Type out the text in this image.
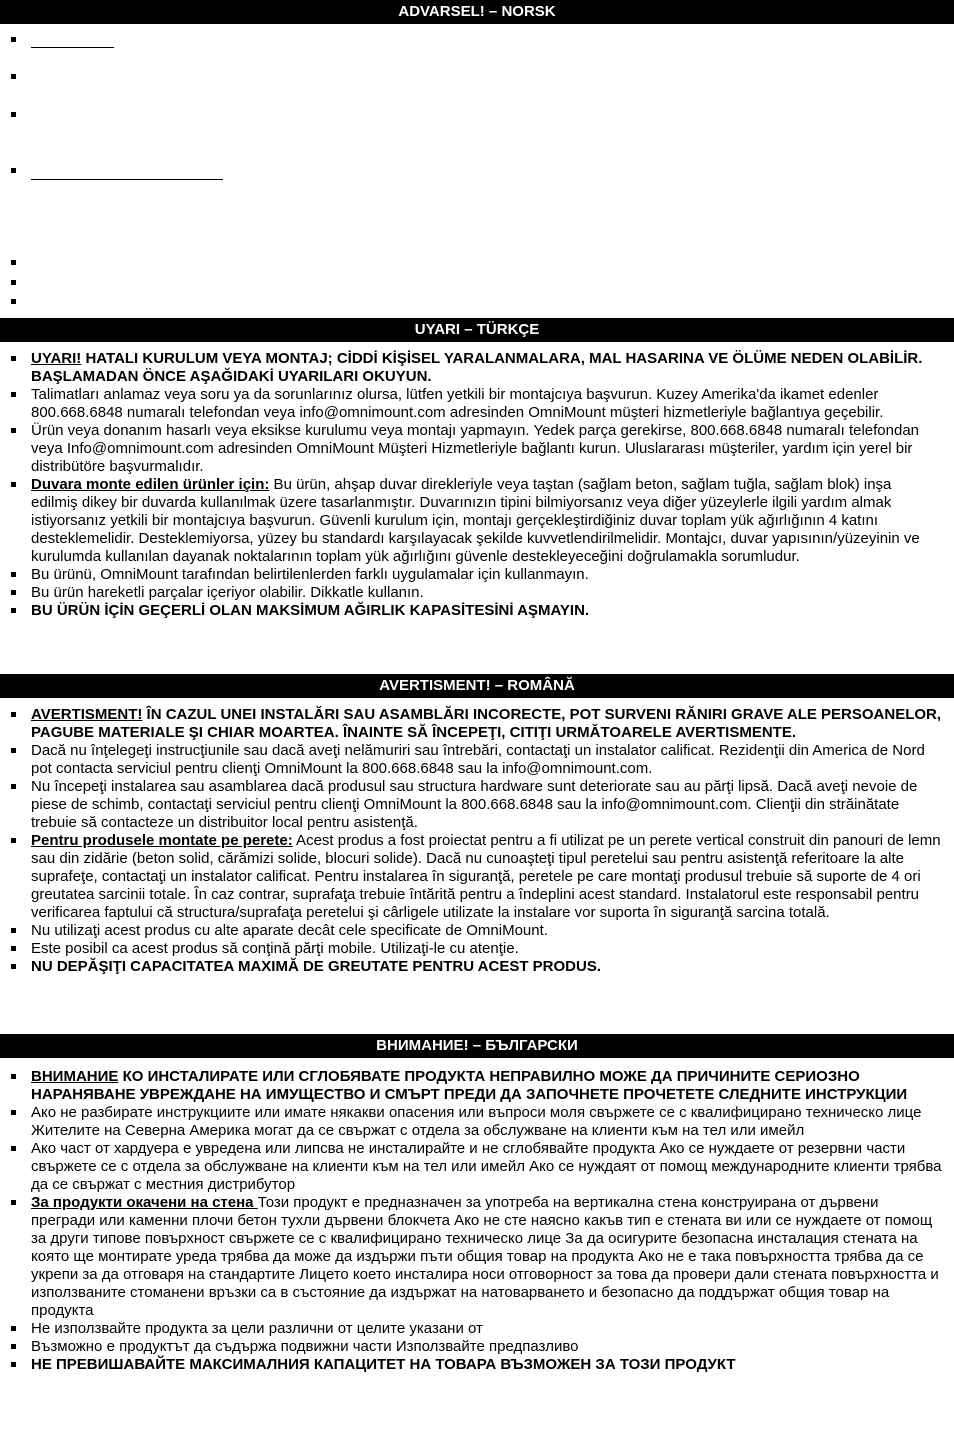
ADVARSEL! – NORSK
UYARI – TÜRKÇE
UYARI! HATALI KURULUM VEYA MONTAJ; CİDDİ KİŞİSEL YARALANMALARA, MAL HASARINA VE ÖLÜME NEDEN OLABİLİR. BAŞLAMADAN ÖNCE AŞAĞIDAKİ UYARILARI OKUYUN.
Talimatları anlamaz veya soru ya da sorunlarınız olursa, lütfen yetkili bir montajcıya başvurun. Kuzey Amerika'da ikamet edenler 800.668.6848 numaralı telefondan veya info@omnimount.com adresinden OmniMount müşteri hizmetleriyle bağlantıya geçebilir.
Ürün veya donanım hasarlı veya eksikse kurulumu veya montajı yapmayın. Yedek parça gerekirse, 800.668.6848 numaralı telefondan veya Info@omnimount.com adresinden OmniMount Müşteri Hizmetleriyle bağlantı kurun. Uluslararası müşteriler, yardım için yerel bir distribütöre başvurmalıdır.
Duvara monte edilen ürünler için: Bu ürün, ahşap duvar direkleriyle veya taştan (sağlam beton, sağlam tuğla, sağlam blok) inşa edilmiş dikey bir duvarda kullanılmak üzere tasarlanmıştır. Duvarınızın tipini bilmiyorsanız veya diğer yüzeylerle ilgili yardım almak istiyorsanız yetkili bir montajcıya başvurun. Güvenli kurulum için, montajı gerçekleştirdiğiniz duvar toplam yük ağırlığının 4 katını desteklemelidir. Desteklemiyorsa, yüzey bu standardı karşılayacak şekilde kuvvetlendirilmelidir. Montajcı, duvar yapısının/yüzeyinin ve kurulumda kullanılan dayanak noktalarının toplam yük ağırlığını güvenle destekleyeceğini doğrulamakla sorumludur.
Bu ürünü, OmniMount tarafından belirtilenlerden farklı uygulamalar için kullanmayın.
Bu ürün hareketli parçalar içeriyor olabilir. Dikkatle kullanın.
BU ÜRÜN İÇİN GEÇERLİ OLAN MAKSİMUM AĞIRLIK KAPASİTESİNİ AŞMAYIN.
AVERTISMENT! – ROMÂNĂ
AVERTISMENT! ÎN CAZUL UNEI INSTALĂRI SAU ASAMBLĂRI INCORECTE, POT SURVENI RĂNIRI GRAVE ALE PERSOANELOR, PAGUBE MATERIALE ŞI CHIAR MOARTEA. ÎNAINTE SĂ ÎNCEPEŢI, CITIŢI URMĂTOARELE AVERTISMENTE.
Dacă nu înţelegeţi instrucţiunile sau dacă aveţi nelămuriri sau întrebări, contactaţi un instalator calificat. Rezidenţii din America de Nord pot contacta serviciul pentru clienţi OmniMount la 800.668.6848 sau la info@omnimount.com.
Nu începeţi instalarea sau asamblarea dacă produsul sau structura hardware sunt deteriorate sau au părţi lipsă. Dacă aveţi nevoie de piese de schimb, contactaţi serviciul pentru clienţi OmniMount la 800.668.6848 sau la info@omnimount.com. Clienţii din străinătate trebuie să contacteze un distribuitor local pentru asistenţă.
Pentru produsele montate pe perete: Acest produs a fost proiectat pentru a fi utilizat pe un perete vertical construit din panouri de lemn sau din zidărie (beton solid, cărămizi solide, blocuri solide). Dacă nu cunoaşteţi tipul peretelui sau pentru asistenţă referitoare la alte suprafeţe, contactaţi un instalator calificat. Pentru instalarea în siguranţă, peretele pe care montaţi produsul trebuie să suporte de 4 ori greutatea sarcinii totale. În caz contrar, suprafaţa trebuie întărită pentru a îndeplini acest standard. Instalatorul este responsabil pentru verificarea faptului că structura/suprafaţa peretelui şi cârligele utilizate la instalare vor suporta în siguranţă sarcina totală.
Nu utilizaţi acest produs cu alte aparate decât cele specificate de OmniMount.
Este posibil ca acest produs să conţină părţi mobile. Utilizaţi-le cu atenţie.
NU DEPĂŞIŢI CAPACITATEA MAXIMĂ DE GREUTATE PENTRU ACEST PRODUS.
ВНИМАНИЕ! – БЪЛГАРСКИ
ВНИМАНИЕ КО ИНСТАЛИРАТЕ ИЛИ СГЛОБЯВАТЕ ПРОДУКТА НЕПРАВИЛНО МОЖЕ ДА ПРИЧИНИТЕ СЕРИОЗНО НАРАНЯВАНЕ УВРЕЖДАНЕ НА ИМУЩЕСТВО И СМЪРТ ПРЕДИ ДА ЗАПОЧНЕТЕ ПРОЧЕТЕТЕ СЛЕДНИТЕ ИНСТРУКЦИИ
Ако не разбирате инструкциите или имате някакви опасения или въпроси моля свържете се с квалифицирано техническо лице Жителите на Северна Америка могат да се свържат с отдела за обслужване на клиенти към на тел или имейл
Ако част от хардуера е увредена или липсва не инсталирайте и не сглобявайте продукта Ако се нуждаете от резервни части свържете се с отдела за обслужване на клиенти към на тел или имейл Ако се нуждаят от помощ международните клиенти трябва да се свържат с местния дистрибутор
За продукти окачени на стена Този продукт е предназначен за употреба на вертикална стена конструирана от дървени прегради или каменни плочи бетон тухли дървени блокчета Ако не сте наясно какъв тип е стената ви или се нуждаете от помощ за други типове повърхност свържете се с квалифицирано техническо лице За да осигурите безопасна инсталация стената на която ще монтирате уреда трябва да може да издържи пъти общия товар на продукта Ако не е така повърхността трябва да се укрепи за да отговаря на стандартите Лицето което инсталира носи отговорност за това да провери дали стената повърхността и използваните стоманени връзки са в състояние да издържат на натоварването и безопасно да поддържат общия товар на продукта
Не използвайте продукта за цели различни от целите указани от
Възможно е продуктът да съдържа подвижни части Използвайте предпазливо
НЕ ПРЕВИШАВАЙТЕ МАКСИМАЛНИЯ КАПАЦИТЕТ НА ТОВАРА ВЪЗМОЖЕН ЗА ТОЗИ ПРОДУКТ
